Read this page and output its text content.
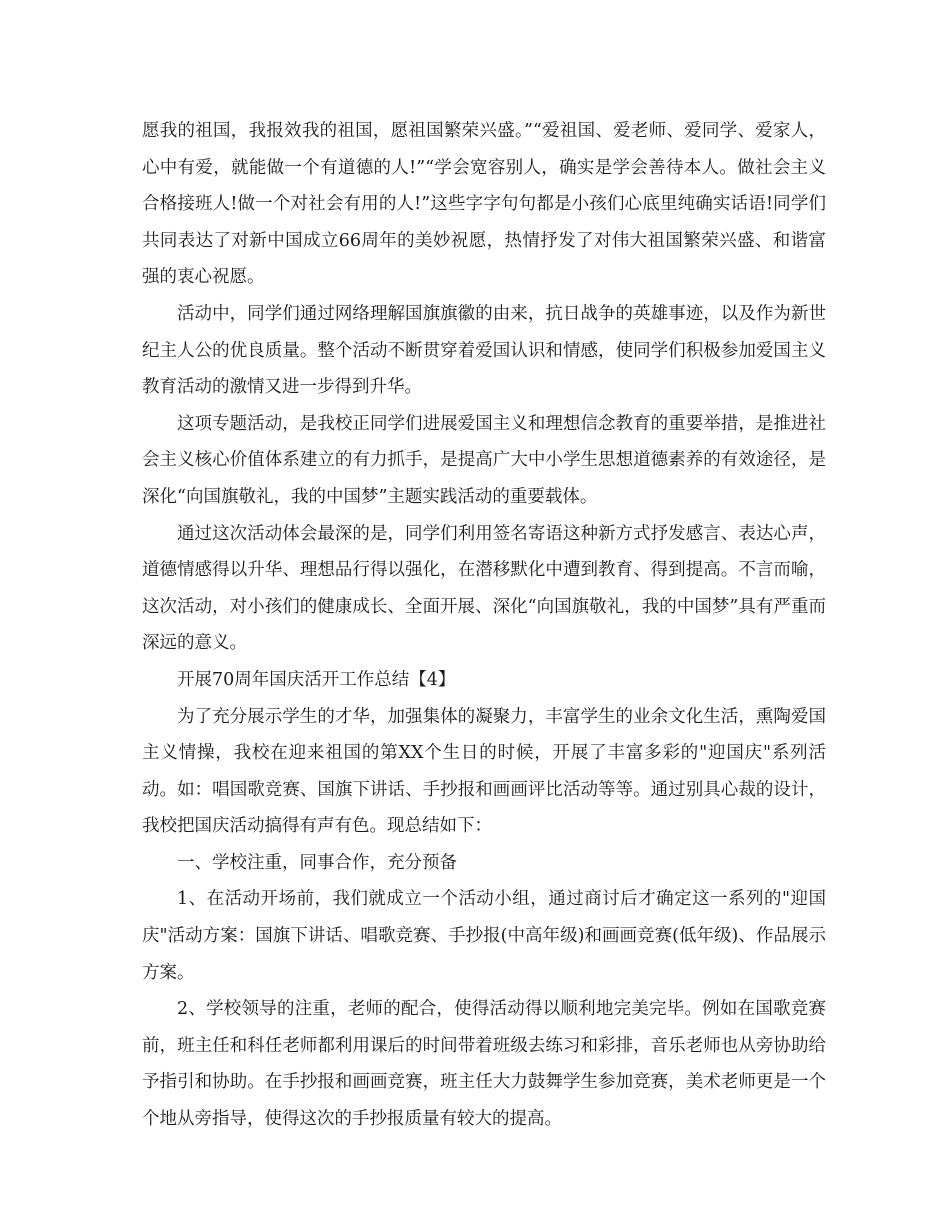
愿我的祖国，我报效我的祖国，愿祖国繁荣兴盛。”“爱祖国、爱老师、爱同学、爱家人，心中有爱，就能做一个有道德的人!”“学会宽容别人，确实是学会善待本人。做社会主义合格接班人!做一个对社会有用的人!”这些字字句句都是小孩们心底里纯确实话语!同学们共同表达了对新中国成立66周年的美妙祝愿，热情抒发了对伟大祖国繁荣兴盛、和谐富强的衷心祝愿。

活动中，同学们通过网络理解国旗旗徽的由来，抗日战争的英雄事迹，以及作为新世纪主人公的优良质量。整个活动不断贯穿着爱国认识和情感，使同学们积极参加爱国主义教育活动的激情又进一步得到升华。

这项专题活动，是我校正同学们进展爱国主义和理想信念教育的重要举措，是推进社会主义核心价值体系建立的有力抓手，是提高广大中小学生思想道德素养的有效途径，是深化“向国旗敬礼，我的中国梦”主题实践活动的重要载体。

通过这次活动体会最深的是，同学们利用签名寄语这种新方式抒发感言、表达心声，道德情感得以升华、理想品行得以强化，在潜移默化中遭到教育、得到提高。不言而喻，这次活动，对小孩们的健康成长、全面开展、深化“向国旗敬礼，我的中国梦”具有严重而深远的意义。

开展70周年国庆活开工作总结【4】

为了充分展示学生的才华，加强集体的凝聚力，丰富学生的业余文化生活，熏陶爱国主义情操，我校在迎来祖国的第XX个生日的时候，开展了丰富多彩的"迎国庆"系列活动。如：唱国歌竞赛、国旗下讲话、手抄报和画画评比活动等等。通过别具心裁的设计，我校把国庆活动搞得有声有色。现总结如下：

一、学校注重，同事合作，充分预备

1、在活动开场前，我们就成立一个活动小组，通过商讨后才确定这一系列的"迎国庆"活动方案：国旗下讲话、唱歌竞赛、手抄报(中高年级)和画画竞赛(低年级)、作品展示方案。

2、学校领导的注重，老师的配合，使得活动得以顺利地完美完毕。例如在国歌竞赛前，班主任和科任老师都利用课后的时间带着班级去练习和彩排，音乐老师也从旁协助给予指引和协助。在手抄报和画画竞赛，班主任大力鼓舞学生参加竞赛，美术老师更是一个个地从旁指导，使得这次的手抄报质量有较大的提高。
